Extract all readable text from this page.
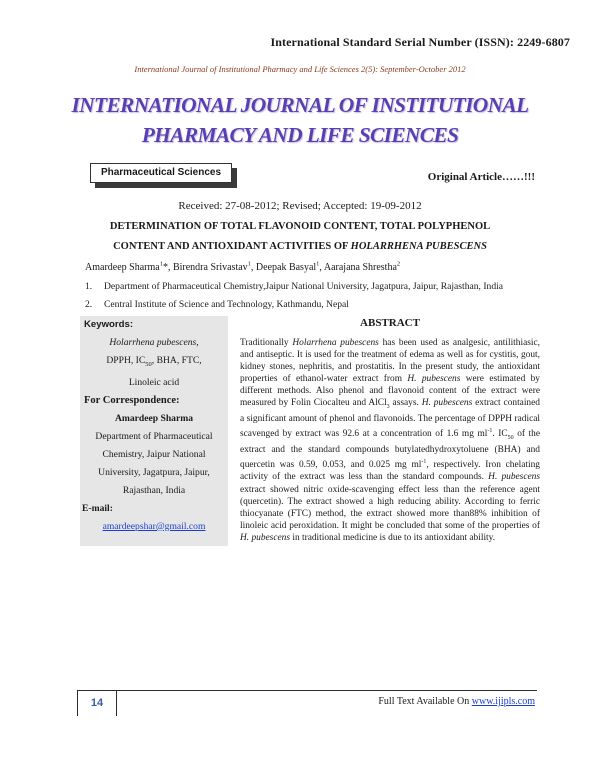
International Standard Serial Number (ISSN): 2249-6807
International Journal of Institutional Pharmacy and Life Sciences 2(5): September-October 2012
INTERNATIONAL JOURNAL OF INSTITUTIONAL
PHARMACY AND LIFE SCIENCES
Pharmaceutical Sciences	Original Article……!!!
Received: 27-08-2012; Revised; Accepted: 19-09-2012
DETERMINATION OF TOTAL FLAVONOID CONTENT, TOTAL POLYPHENOL
CONTENT AND ANTIOXIDANT ACTIVITIES OF HOLARRHENA PUBESCENS
Amardeep Sharma$^1$*, Birendra Srivastav$^1$, Deepak Basyal$^1$, Aarajana Shrestha$^2$
1. Department of Pharmaceutical Chemistry,Jaipur National University, Jagatpura, Jaipur, Rajasthan, India
2. Central Institute of Science and Technology, Kathmandu, Nepal
Keywords:
Holarrhena pubescens,
DPPH, $IC_{50}$, BHA, FTC,
Linoleic acid
For Correspondence:
Amardeep Sharma
Department of Pharmaceutical
Chemistry, Jaipur National
University, Jagatpura, Jaipur,
Rajasthan, India
E-mail:
amardeepshar@gmail.com
ABSTRACT
Traditionally Holarrhena pubescens has been used as analgesic, antilithiasic, and antiseptic. It is used for the treatment of edema as well as for cystitis, gout, kidney stones, nephritis, and prostatitis. In the present study, the antioxidant properties of ethanol-water extract from H. pubescens were estimated by different methods. Also phenol and flavonoid content of the extract were measured by Folin Ciocalteu and AlCl$_3$ assays. H. pubescens extract contained a significant amount of phenol and flavonoids. The percentage of DPPH radical scavenged by extract was 92.6 at a concentration of 1.6 mg $ml^{-1}$. $IC_{50}$ of the extract and the standard compounds butylatedhydroxytoluene (BHA) and quercetin was 0.59, 0.053, and 0.025 mg $ml^{-1}$, respectively. Iron chelating activity of the extract was less than the standard compounds. H. pubescens extract showed nitric oxide-scavenging effect less than the reference agent (quercetin). The extract showed a high reducing ability. According to ferric thiocyanate (FTC) method, the extract showed more than88% inhibition of linoleic acid peroxidation. It might be concluded that some of the properties of H. pubescens in traditional medicine is due to its antioxidant ability.
14	Full Text Available On www.ijipls.com
